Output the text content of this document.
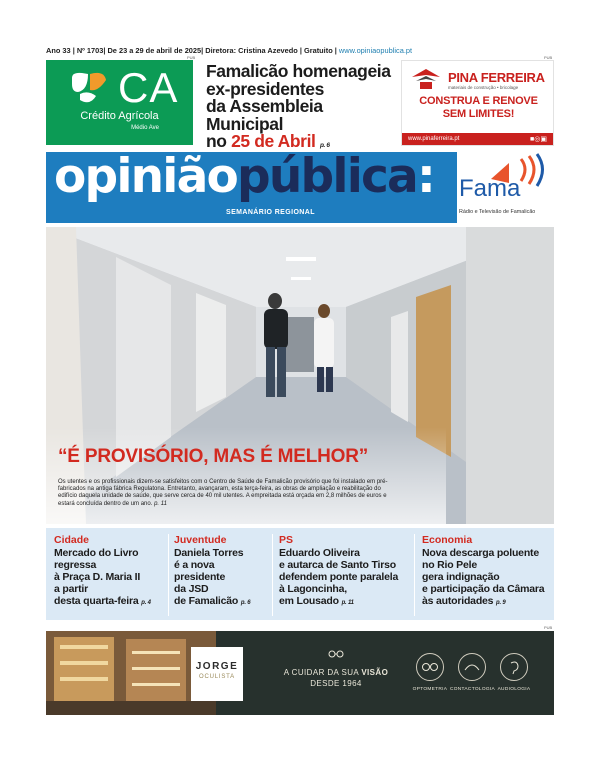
Ano 33 | Nº 1703| De 23 a 29 de abril de 2025| Diretora: Cristina Azevedo | Gratuito | www.opiniaopublica.pt
PUB	PUB
CA
Crédito Agrícola
Médio Ave
Famalicão homenageia
ex-presidentes
da Assembleia Municipal
no 25 de Abril p. 6
PINA FERREIRA
materiais de construção • bricolage
CONSTRUA E RENOVE
SEM LIMITES!
www.pinaferreira.pt	■◎▣
opiniãopública:
SEMANÁRIO REGIONAL
Fama
Rádio e Televisão de Famalicão
“É PROVISÓRIO, MAS É MELHOR”
Os utentes e os profissionais dizem-se satisfeitos com o Centro de Saúde de Famalicão provisório que foi instalado em pré-fabricados na antiga fábrica Regulatona. Entretanto, avançaram, esta terça-feira, as obras de ampliação e reabilitação do edifício daquela unidade de saúde, que serve cerca de 40 mil utentes. A empreitada está orçada em 2,8 milhões de euros e estará concluída dentro de um ano. p. 11
Cidade
Mercado do Livro
regressa
à Praça D. Maria II
a partir
desta quarta-feira p. 4
Juventude
Daniela Torres
é a nova
presidente
da JSD
de Famalicão p. 6
PS
Eduardo Oliveira
e autarca de Santo Tirso
defendem ponte paralela
à Lagoncinha,
em Lousado p. 11
Economia
Nova descarga poluente
no Rio Pele
gera indignação
e participação da Câmara
às autoridades p. 9
PUB
JORGE
OCULISTA	A CUIDAR DA SUA VISÃO
DESDE 1964
OPTOMETRIA CONTACTOLOGIA AUDIOLOGIA
